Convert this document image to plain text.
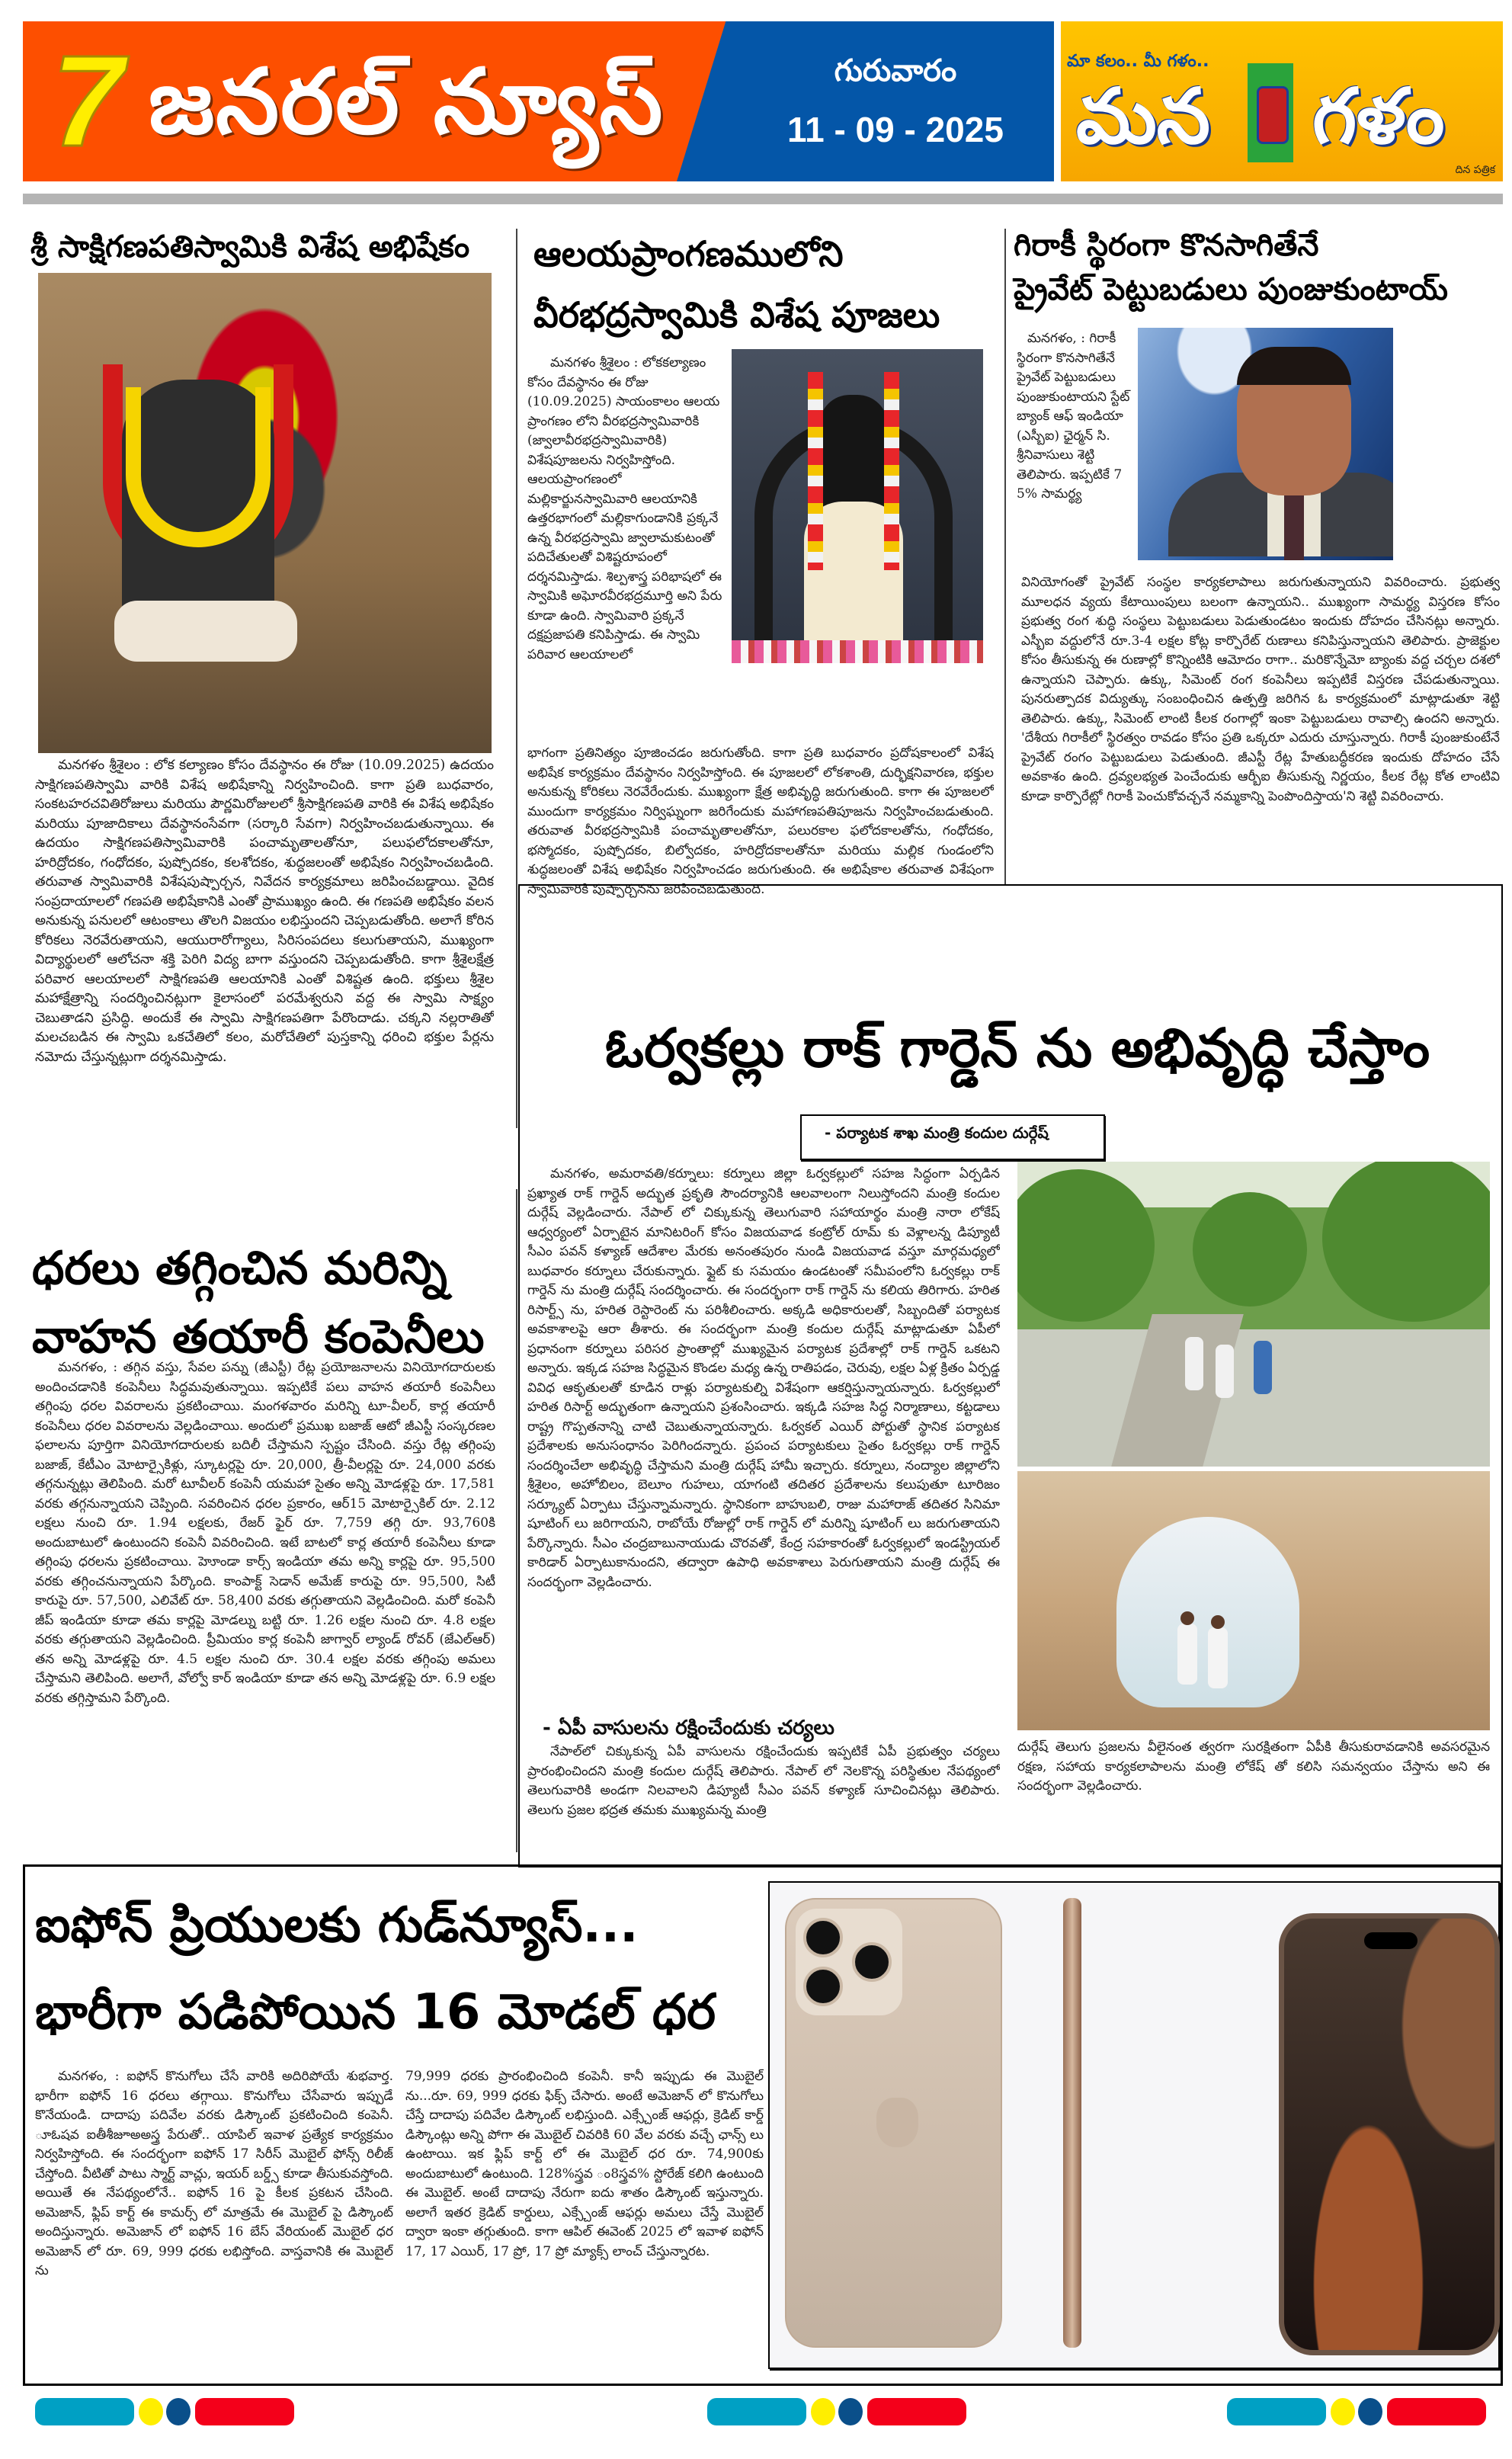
7 జనరల్ న్యూస్	గురువారం
11 - 09 - 2025
మా కలం.. మీ గళం..
మన గళం
దిన పత్రిక
శ్రీ సాక్షిగణపతిస్వామికి విశేష అభిషేకం
మనగళం శ్రీశైలం : లోక కల్యాణం కోసం దేవస్థానం ఈ రోజు (10.09.2025) ఉదయం సాక్షిగణపతిస్వామి వారికి విశేష అభిషేకాన్ని నిర్వహించింది. కాగా ప్రతి బుధవారం, సంకటహరచవితిరోజులు మరియు పౌర్ణమిరోజులలో శ్రీసాక్షిగణపతి వారికి ఈ విశేష అభిషేకం మరియు పూజాదికాలు దేవస్థానంసేవగా (సర్కారి సేవగా) నిర్వహించబడుతున్నాయి. ఈ ఉదయం సాక్షిగణపతిస్వామివారికి పంచామృతాలతోనూ, పలుఫలోదకాలతోనూ, హరిద్రోదకం, గంధోదకం, పుష్పోదకం, కలశోదకం, శుద్ధజలంతో అభిషేకం నిర్వహించబడింది. తరువాత స్వామివారికి విశేషపుష్పార్చన, నివేదన కార్యక్రమాలు జరిపించబడ్డాయి. వైదిక సంప్రదాయాలలో గణపతి అభిషేకానికి ఎంతో ప్రాముఖ్యం ఉంది. ఈ గణపతి అభిషేకం వలన అనుకున్న పనులలో ఆటంకాలు తొలగి విజయం లభిస్తుందని చెప్పబడుతోంది. అలాగే కోరిన కోరికలు నెరవేరుతాయని, ఆయురారోగ్యాలు, సిరిసంపదలు కలుగుతాయని, ముఖ్యంగా విద్యార్థులలో ఆలోచనా శక్తి పెరిగి విద్య బాగా వస్తుందని చెప్పబడుతోంది. కాగా శ్రీశైలక్షేత్ర పరివార ఆలయాలలో సాక్షిగణపతి ఆలయానికి ఎంతో విశిష్టత ఉంది. భక్తులు శ్రీశైల మహాక్షేత్రాన్ని సందర్శించినట్లుగా కైలాసంలో పరమేశ్వరుని వద్ద ఈ స్వామి సాక్ష్యం చెబుతాడని ప్రసిద్ధి. అందుకే ఈ స్వామి సాక్షిగణపతిగా పేరొందాడు. చక్కని నల్లరాతితో మలచబడిన ఈ స్వామి ఒకచేతిలో కలం, మరోచేతిలో పుస్తకాన్ని ధరించి భక్తుల పేర్లను నమోదు చేస్తున్నట్లుగా దర్శనమిస్తాడు.
ఆలయప్రాంగణములోని
వీరభద్రస్వామికి విశేష పూజలు
మనగళం శ్రీశైలం : లోకకల్యాణం కోసం దేవస్థానం ఈ రోజు (10.09.2025) సాయంకాలం ఆలయ ప్రాంగణం లోని వీరభద్రస్వామివారికి (జ్వాలావీరభద్రస్వామివారికి) విశేషపూజలను నిర్వహిస్తోంది. ఆలయప్రాంగణంలో మల్లికార్జునస్వామివారి ఆలయానికి ఉత్తరభాగంలో మల్లికాగుండానికి ప్రక్కనే ఉన్న వీరభద్రస్వామి జ్వాలామకుటంతో పదిచేతులతో విశిష్టరూపంలో దర్శనమిస్తాడు. శిల్పశాస్త్ర పరిభాషలో ఈ స్వామికి అఘోరవీరభద్రమూర్తి అని పేరు కూడా ఉంది. స్వామివారి ప్రక్కనే దక్షప్రజాపతి కనిపిస్తాడు. ఈ స్వామి పరివార ఆలయాలలో
భాగంగా ప్రతినిత్యం పూజించడం జరుగుతోంది. కాగా ప్రతి బుధవారం ప్రదోషకాలంలో విశేష అభిషేక కార్యక్రమం దేవస్థానం నిర్వహిస్తోంది. ఈ పూజలలో లోకశాంతి, దుర్భిక్షనివారణ, భక్తుల అనుకున్న కోరికలు నెరవేరేందుకు. ముఖ్యంగా క్షేత్ర అభివృద్ధి జరుగుతుంది. కాగా ఈ పూజలలో ముందుగా కార్యక్రమం నిర్విఘ్నంగా జరిగేందుకు మహాగణపతిపూజను నిర్వహించబడుతుంది. తరువాత వీరభద్రస్వామికి పంచామృతాలతోనూ, పలురకాల ఫలోదకాలతోను, గంధోదకం, భస్మోదకం, పుష్పోదకం, బిల్వోదకం, హరిద్రోదకాలతోనూ మరియు మల్లిక గుండంలోని శుద్ధజలంతో విశేష అభిషేకం నిర్వహించడం జరుగుతుంది. ఈ అభిషేకాల తరువాత విశేషంగా స్వామివారికి పుష్పార్చనను జరిపించబడుతుంది.
గిరాకీ స్థిరంగా కొనసాగితేనే
ప్రైవేట్ పెట్టుబడులు పుంజుకుంటాయ్
మనగళం, : గిరాకీ స్థిరంగా కొనసాగితేనే ప్రైవేట్ పెట్టుబడులు పుంజుకుంటాయని స్టేట్ బ్యాంక్ ఆఫ్ ఇండియా (ఎస్బీఐ) ఛైర్మన్ సి.శ్రీనివాసులు శెట్టి తెలిపారు. ఇప్పటికే 75% సామర్థ్య
వినియోగంతో ప్రైవేట్ సంస్థల కార్యకలాపాలు జరుగుతున్నాయని వివరించారు. ప్రభుత్వ మూలధన వ్యయ కేటాయింపులు బలంగా ఉన్నాయని.. ముఖ్యంగా సామర్థ్య విస్తరణ కోసం ప్రభుత్వ రంగ శుద్ధి సంస్థలు పెట్టుబడులు పెడుతుండటం ఇందుకు దోహదం చేసినట్లు అన్నారు. ఎస్బీఐ వద్దులోనే రూ.3-4 లక్షల కోట్ల కార్పొరేట్ రుణాలు కనిపిస్తున్నాయని తెలిపారు. ప్రాజెక్టుల కోసం తీసుకున్న ఈ రుణాల్లో కొన్నింటికి ఆమోదం రాగా.. మరికొన్నేమో బ్యాంకు వద్ద చర్చల దశలో ఉన్నాయని చెప్పారు. ఉక్కు, సిమెంట్ రంగ కంపెనీలు ఇప్పటికే విస్తరణ చేపడుతున్నాయి. పునరుత్పాదక విద్యుత్కు సంబంధించిన ఉత్పత్తి జరిగిన ఓ కార్యక్రమంలో మాట్లాడుతూ శెట్టి తెలిపారు. ఉక్కు, సిమెంట్ లాంటి కీలక రంగాల్లో ఇంకా పెట్టుబడులు రావాల్సి ఉందని అన్నారు. 'దేశీయ గిరాకీలో స్థిరత్వం రావడం కోసం ప్రతి ఒక్కరూ ఎదురు చూస్తున్నారు. గిరాకీ పుంజుకుంటేనే ప్రైవేట్ రంగం పెట్టుబడులు పెడుతుంది. జీఎస్టీ రేట్ల హేతుబద్ధీకరణ ఇందుకు దోహదం చేసే అవకాశం ఉంది. ద్రవ్యలభ్యత పెంచేందుకు ఆర్బీఐ తీసుకున్న నిర్ణయం, కీలక రేట్ల కోత లాంటివి కూడా కార్పొరేట్లో గిరాకీ పెంచుకోవచ్చనే నమ్మకాన్ని పెంపొందిస్తాయ'ని శెట్టి వివరించారు.
ఓర్వకల్లు రాక్ గార్డెన్ ను అభివృద్ధి చేస్తాం
- పర్యాటక శాఖ మంత్రి కందుల దుర్గేష్
మనగళం, అమరావతి/కర్నూలు: కర్నూలు జిల్లా ఓర్వకల్లులో సహజ సిద్ధంగా ఏర్పడిన ప్రఖ్యాత రాక్ గార్డెన్ అద్భుత ప్రకృతి సౌందర్యానికి ఆలవాలంగా నిలుస్తోందని మంత్రి కందుల దుర్గేష్ వెల్లడించారు. నేపాల్ లో చిక్కుకున్న తెలుగువారి సహాయార్థం మంత్రి నారా లోకేష్ ఆధ్వర్యంలో ఏర్పాటైన మానిటరింగ్ కోసం విజయవాడ కంట్రోల్ రూమ్ కు వెళ్లాలన్న డిప్యూటీ సీఎం పవన్ కళ్యాణ్ ఆదేశాల మేరకు అనంతపురం నుండి విజయవాడ వస్తూ మార్గమధ్యలో బుధవారం కర్నూలు చేరుకున్నారు. ఫ్లైట్ కు సమయం ఉండటంతో సమీపంలోని ఓర్వకల్లు రాక్ గార్డెన్ ను మంత్రి దుర్గేష్ సందర్శించారు. ఈ సందర్భంగా రాక్ గార్డెన్ ను కలియ తిరిగారు. హరిత రిసార్ట్స్ ను, హరిత రెస్టారెంట్ ను పరిశీలించారు. అక్కడి అధికారులతో, సిబ్బందితో పర్యాటక అవకాశాలపై ఆరా తీశారు. ఈ సందర్భంగా మంత్రి కందుల దుర్గేష్ మాట్లాడుతూ ఏపీలో ప్రధానంగా కర్నూలు పరిసర ప్రాంతాల్లో ముఖ్యమైన పర్యాటక ప్రదేశాల్లో రాక్ గార్డెన్ ఒకటని అన్నారు. ఇక్కడ సహజ సిద్ధమైన కొండల మధ్య ఉన్న రాతిపడం, చెరువు, లక్షల ఏళ్ల క్రితం ఏర్పడ్డ వివిధ ఆకృతులతో కూడిన రాళ్లు పర్యాటకుల్ని విశేషంగా ఆకర్షిస్తున్నాయన్నారు. ఓర్వకల్లులో హరిత రిసార్ట్ అద్భుతంగా ఉన్నాయని ప్రశంసించారు. ఇక్కడి సహజ సిద్ధ నిర్మాణాలు, కట్టడాలు రాష్ట్ర గొప్పతనాన్ని చాటి చెబుతున్నాయన్నారు. ఓర్వకల్ ఎయిర్ పోర్టుతో స్థానిక పర్యాటక ప్రదేశాలకు అనుసంధానం పెరిగిందన్నారు. ప్రపంచ పర్యాటకులు సైతం ఓర్వకల్లు రాక్ గార్డెన్ సందర్శించేలా అభివృద్ధి చేస్తామని మంత్రి దుర్గేష్ హామీ ఇచ్చారు. కర్నూలు, నంద్యాల జిల్లాలోని శ్రీశైలం, అహోబిలం, బెలూం గుహలు, యాగంటి తదితర ప్రదేశాలను కలుపుతూ టూరిజం సర్క్యూట్ ఏర్పాటు చేస్తున్నామన్నారు. స్థానికంగా బాహుబలి, రాజు మహారాజ్ తదితర సినిమా షూటింగ్ లు జరిగాయని, రాబోయే రోజుల్లో రాక్ గార్డెన్ లో మరిన్ని షూటింగ్ లు జరుగుతాయని పేర్కొన్నారు. సీఎం చంద్రబాబునాయుడు చొరవతో, కేంద్ర సహకారంతో ఓర్వకల్లులో ఇండస్ట్రియల్ కారిడార్ ఏర్పాటుకానుందని, తద్వారా ఉపాధి అవకాశాలు పెరుగుతాయని మంత్రి దుర్గేష్ ఈ సందర్భంగా వెల్లడించారు.
- ఏపీ వాసులను రక్షించేందుకు చర్యలు
నేపాల్‌లో చిక్కుకున్న ఏపీ వాసులను రక్షించేందుకు ఇప్పటికే ఏపీ ప్రభుత్వం చర్యలు ప్రారంభించిందని మంత్రి కందుల దుర్గేష్ తెలిపారు. నేపాల్ లో నెలకొన్న పరిస్థితుల నేపథ్యంలో తెలుగువారికి అండగా నిలవాలని డిప్యూటీ సీఎం పవన్ కళ్యాణ్ సూచించినట్లు తెలిపారు. తెలుగు ప్రజల భద్రత తమకు ముఖ్యమన్న మంత్రి
దుర్గేష్ తెలుగు ప్రజలను వీలైనంత త్వరగా సురక్షితంగా ఏపీకి తీసుకురావడానికి అవసరమైన రక్షణ, సహాయ కార్యకలాపాలను మంత్రి లోకేష్ తో కలిసి సమన్వయం చేస్తాను అని ఈ సందర్భంగా వెల్లడించారు.
ధరలు తగ్గించిన మరిన్ని
వాహన తయారీ కంపెనీలు
మనగళం, : తగ్గిన వస్తు, సేవల పన్ను (జీఎస్టీ) రేట్ల ప్రయోజనాలను వినియోగదారులకు అందించడానికి కంపెనీలు సిద్ధమవుతున్నాయి. ఇప్పటికే పలు వాహన తయారీ కంపెనీలు తగ్గింపు ధరల వివరాలను ప్రకటించాయి. మంగళవారం మరిన్ని టూ-వీలర్, కార్ల తయారీ కంపెనీలు ధరల వివరాలను వెల్లడించాయి. అందులో ప్రముఖ బజాజ్ ఆటో జీఎస్టీ సంస్కరణల ఫలాలను పూర్తిగా వినియోగదారులకు బదిలీ చేస్తామని స్పష్టం చేసింది. వస్తు రేట్ల తగ్గింపు బజాజ్, కేటీఎం మోటార్సైకిళ్లు, స్కూటర్లపై రూ. 20,000, త్రీ-వీలర్లపై రూ. 24,000 వరకు తగ్గనున్నట్లు తెలిపింది. మరో టూవీలర్ కంపెనీ యమహా సైతం అన్ని మోడళ్లపై రూ. 17,581 వరకు తగ్గనున్నాయని చెప్పింది. సవరించిన ధరల ప్రకారం, ఆర్15 మోటార్సైకిల్ రూ. 2.12 లక్షలు నుంచి రూ. 1.94 లక్షలకు, రేజర్ ఫైర్ రూ. 7,759 తగ్గి రూ. 93,760కి అందుబాటులో ఉంటుందని కంపెనీ వివరించింది. ఇటే బాటలో కార్ల తయారీ కంపెనీలు కూడా తగ్గింపు ధరలను ప్రకటించాయి. హెూండా కార్స్ ఇండియా తమ అన్ని కార్లపై రూ. 95,500 వరకు తగ్గించనున్నాయని పేర్కొంది. కాంపాక్ట్ సెడాన్ అమేజ్ కారుపై రూ. 95,500, సిటీ కారుపై రూ. 57,500, ఎలివేట్ రూ. 58,400 వరకు తగ్గుతాయని వెల్లడించింది. మరో కంపెనీ జీప్ ఇండియా కూడా తమ కార్లపై మోడల్ను బట్టి రూ. 1.26 లక్షల నుంచి రూ. 4.8 లక్షల వరకు తగ్గుతాయని వెల్లడించింది. ప్రీమియం కార్ల కంపెనీ జాగ్వార్ ల్యాండ్ రోవర్ (జేఎల్ఆర్) తన అన్ని మోడళ్లపై రూ. 4.5 లక్షల నుంచి రూ. 30.4 లక్షల వరకు తగ్గింపు అమలు చేస్తామని తెలిపింది. అలాగే, వోల్వో కార్ ఇండియా కూడా తన అన్ని మోడళ్లపై రూ. 6.9 లక్షల వరకు తగ్గిస్తామని పేర్కొంది.
ఐఫోన్ ప్రియులకు గుడ్‌న్యూస్...
భారీగా పడిపోయిన 16 మోడల్ ధర
మనగళం, : ఐఫోన్ కొనుగోలు చేసే వారికి అదిరిపోయే శుభవార్త. భారీగా ఐఫోన్ 16 ధరలు తగ్గాయి. కొనుగోలు చేసేవారు ఇప్పుడే కొనేయండి. దాదాపు పదివేల వరకు డిస్కౌంట్ ప్రకటించింది కంపెనీ. ూఓషవ ఐతీశీజూఅఅస్త్ర పేరుతో.. యాపిల్ ఇవాళ ప్రత్యేక కార్యక్రమం నిర్వహిస్తోంది. ఈ సందర్భంగా ఐఫోన్ 17 సిరీస్ మొబైల్ ఫోన్స్ రిలీజ్ చేస్తోంది. వీటితో పాటు స్మార్ట్ వాచ్లు, ఇయర్ బర్డ్స్ కూడా తీసుకువస్తోంది. అయితే ఈ నేపథ్యంలోనే.. ఐఫోన్ 16 పై కీలక ప్రకటన చేసింది. అమెజాన్, ఫ్లిప్ కార్ట్ ఈ కామర్స్ లో మాత్రమే ఈ మొబైల్ పై డిస్కౌంట్ అందిస్తున్నారు. అమెజాన్ లో ఐఫోన్ 16 బేస్ వేరియంట్ మొబైల్ ధర అమెజాన్ లో రూ. 69, 999 ధరకు లభిస్తోంది. వాస్తవానికి ఈ మొబైల్ ను
79,999 ధరకు ప్రారంభించింది కంపెనీ. కానీ ఇప్పుడు ఈ మొబైల్ ను...రూ. 69, 999 ధరకు ఫిక్స్ చేసారు. అంటే అమెజాన్ లో కొనుగోలు చేస్తే దాదాపు పదివేల డిస్కౌంట్ లభిస్తుంది. ఎక్స్చేంజ్ ఆఫర్లు, క్రెడిట్ కార్డ్ డిస్కౌంట్లు అన్ని పోగా ఈ మొబైల్ చివరికి 60 వేల వరకు వచ్చే ఛాన్స్ లు ఉంటాయి. ఇక ఫ్లిప్ కార్ట్ లో ఈ మొబైల్ ధర రూ. 74,900కు అందుబాటులో ఉంటుంది. 128%స్త్రవ ం8స్త్రవ% స్టోరేజ్ కలిగి ఉంటుంది ఈ మొబైల్. అంటే దాదాపు నేరుగా ఐదు శాతం డిస్కౌంట్ ఇస్తున్నారు. అలాగే ఇతర క్రెడిట్ కార్డులు, ఎక్స్చేంజ్ ఆఫర్లు అమలు చేస్తే మొబైల్ ద్వారా ఇంకా తగ్గుతుంది. కాగా ఆపిల్ ఈవెంట్ 2025 లో ఇవాళ ఐఫోన్ 17, 17 ఎయిర్, 17 ప్రో, 17 ప్రో మ్యాక్స్ లాంచ్ చేస్తున్నారట.
